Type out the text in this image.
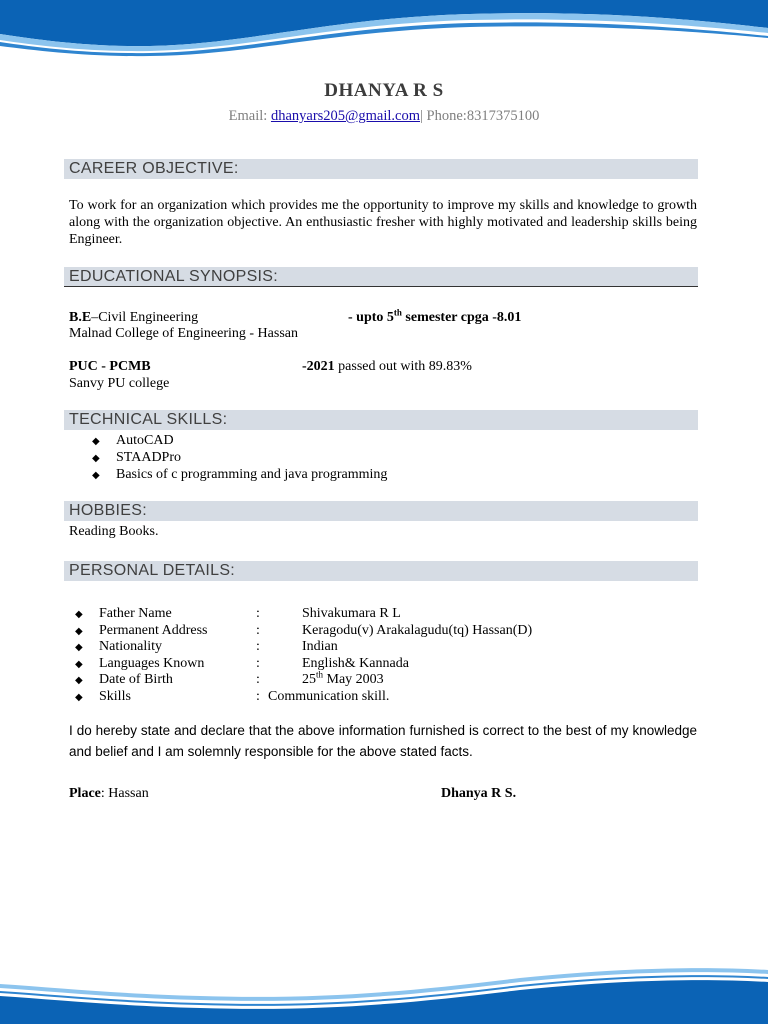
DHANYA R S
Email: dhanyars205@gmail.com| Phone:8317375100
CAREER OBJECTIVE:
To work for an organization which provides me the opportunity to improve my skills and knowledge to growth along with the organization objective. An enthusiastic fresher with highly motivated and leadership skills being Engineer.
EDUCATIONAL SYNOPSIS:
B.E–Civil Engineering	- upto 5th semester cpga -8.01
Malnad College of Engineering - Hassan
PUC - PCMB	-2021 passed out with 89.83%
Sanvy PU college
TECHNICAL SKILLS:
◆ AutoCAD
◆ STAADPro
◆ Basics of c programming and java programming
HOBBIES:
Reading Books.
PERSONAL DETAILS:
◆ Father Name	:	Shivakumara R L
◆ Permanent Address	:	Keragodu(v) Arakalagudu(tq) Hassan(D)
◆ Nationality	:	Indian
◆ Languages Known	:	English& Kannada
◆ Date of Birth	:	25th May 2003
◆ Skills	: Communication skill.
I do hereby state and declare that the above information furnished is correct to the best of my knowledge and belief and I am solemnly responsible for the above stated facts.
Place: Hassan	Dhanya R S.
